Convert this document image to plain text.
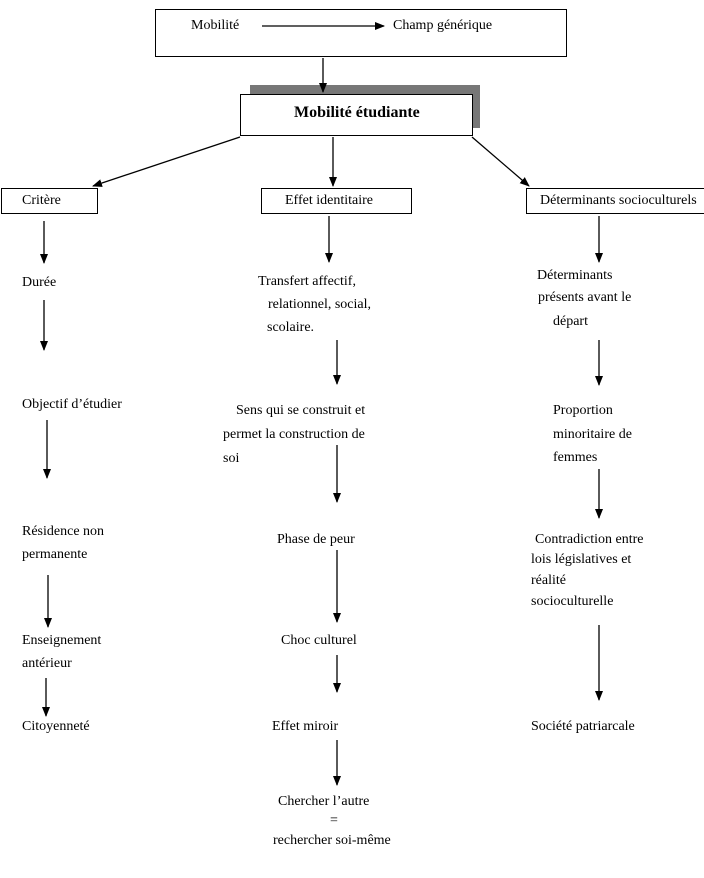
Mobilité	Champ générique
Mobilité étudiante
Critère	Effet identitaire	Déterminants socioculturels
Durée
Objectif d’étudier
Résidence non
permanente
Enseignement
antérieur
Citoyenneté
Transfert affectif,
relationnel, social,
scolaire.
Sens qui se construit et
permet la construction de
soi
Phase de peur
Choc culturel
Effet miroir
Chercher l’autre
=
rechercher soi-même
Déterminants
présents avant le
départ
Proportion
minoritaire de
femmes
Contradiction entre
lois législatives et
réalité
socioculturelle
Société patriarcale
